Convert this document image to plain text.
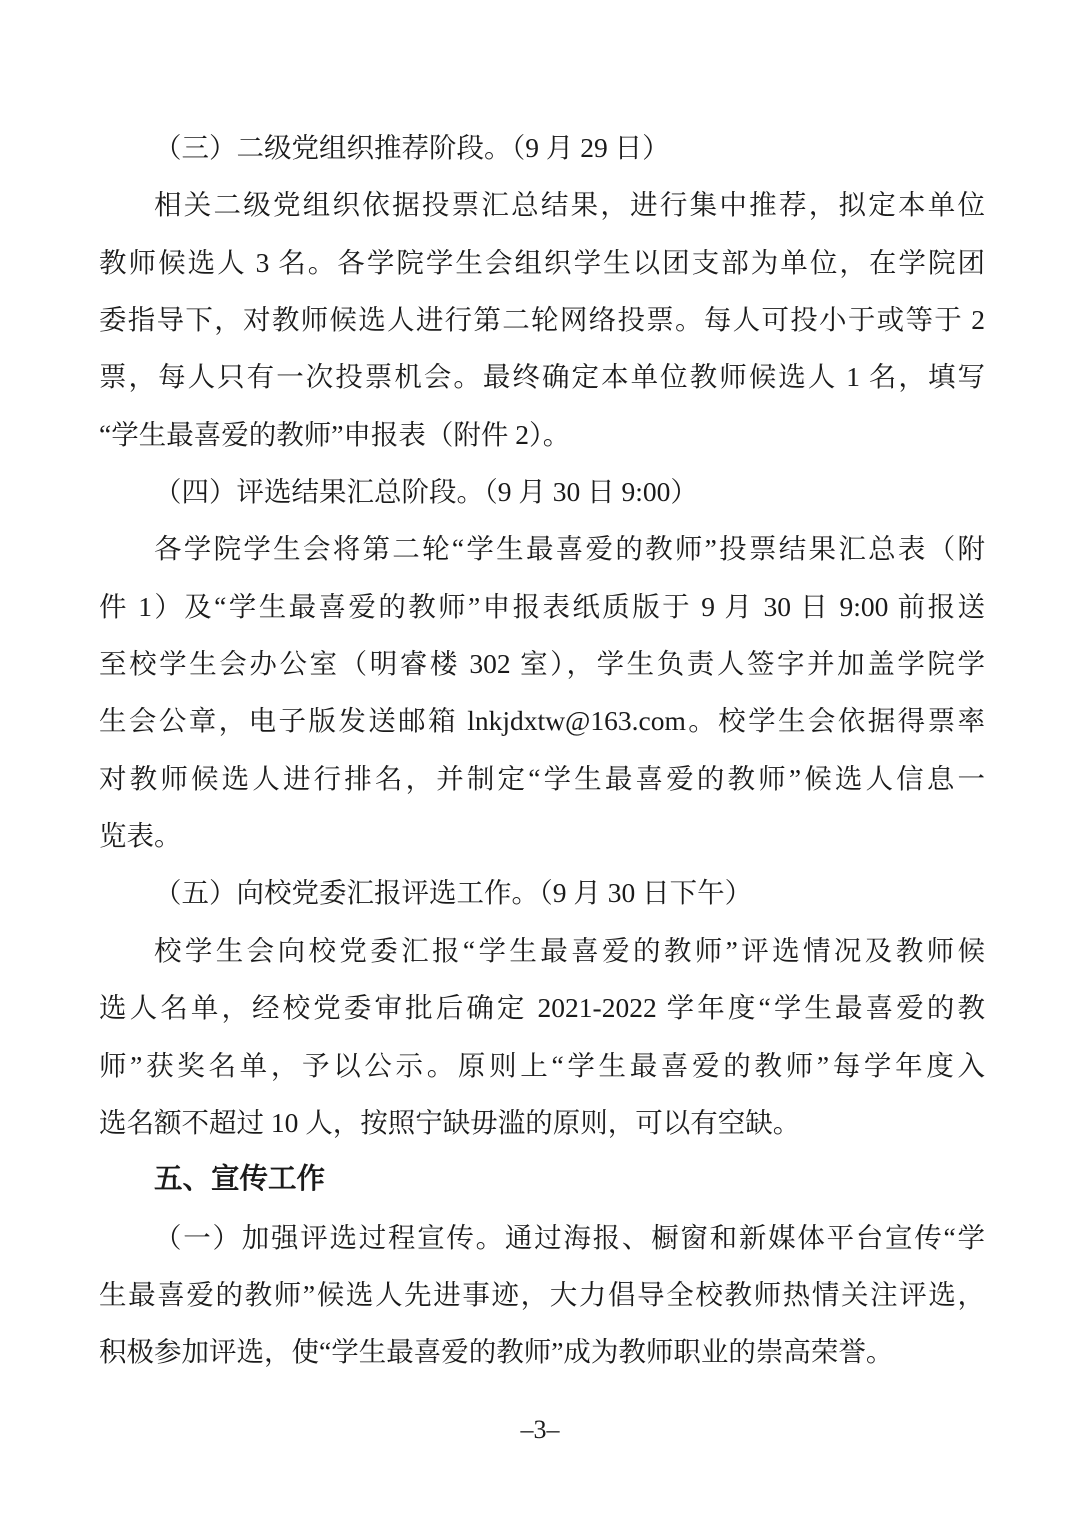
（三）二级党组织推荐阶段。（9 月 29 日）
相关二级党组织依据投票汇总结果，进行集中推荐，拟定本单位
教师候选人 3 名。各学院学生会组织学生以团支部为单位，在学院团
委指导下，对教师候选人进行第二轮网络投票。每人可投小于或等于 2
票，每人只有一次投票机会。最终确定本单位教师候选人 1 名，填写
“学生最喜爱的教师”申报表（附件 2）。
（四）评选结果汇总阶段。（9 月 30 日 9:00）
各学院学生会将第二轮“学生最喜爱的教师”投票结果汇总表（附
件 1）及“学生最喜爱的教师”申报表纸质版于 9 月 30 日 9:00 前报送
至校学生会办公室（明睿楼 302 室），学生负责人签字并加盖学院学
生会公章，电子版发送邮箱 lnkjdxtw@163.com。校学生会依据得票率
对教师候选人进行排名，并制定“学生最喜爱的教师”候选人信息一
览表。
（五）向校党委汇报评选工作。（9 月 30 日下午）
校学生会向校党委汇报“学生最喜爱的教师”评选情况及教师候
选人名单，经校党委审批后确定 2021-2022 学年度“学生最喜爱的教
师”获奖名单，予以公示。原则上“学生最喜爱的教师”每学年度入
选名额不超过 10 人，按照宁缺毋滥的原则，可以有空缺。
五、宣传工作
（一）加强评选过程宣传。通过海报、橱窗和新媒体平台宣传“学
生最喜爱的教师”候选人先进事迹，大力倡导全校教师热情关注评选，
积极参加评选，使“学生最喜爱的教师”成为教师职业的崇高荣誉。
–3–
